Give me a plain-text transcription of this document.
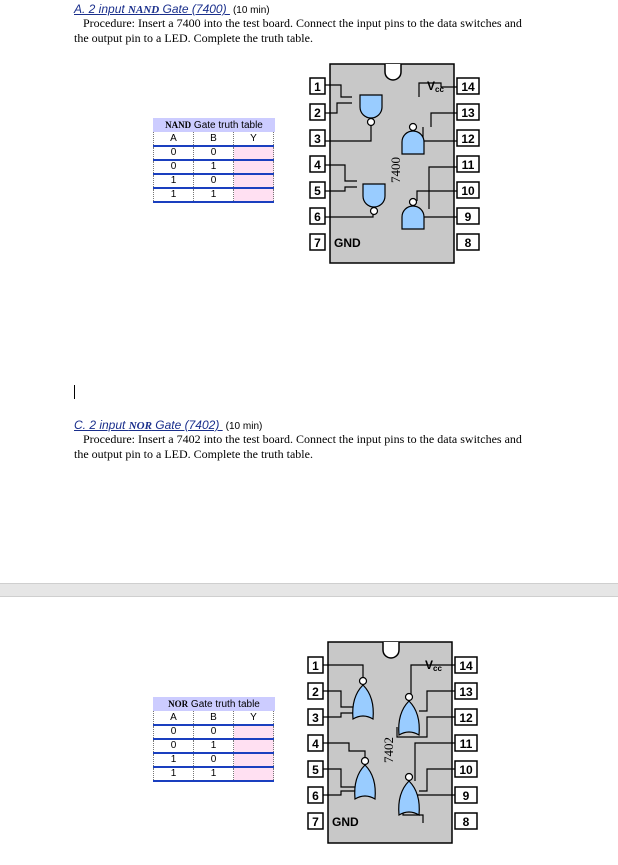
A. 2 input NAND Gate (7400) (10 min)

Procedure: Insert a 7400 into the test board. Connect the input pins to the data switches and

the output pin to a LED. Complete the truth table.

NAND Gate truth table
A	B	Y
0	0	
0	1	
1	0	
1	1	
1
2
3
4
5
6
7
14
13
12
11
10
9
8
Vcc
GND
7400
C. 2 input NOR Gate (7402) (10 min)

Procedure: Insert a 7402 into the test board. Connect the input pins to the data switches and

the output pin to a LED. Complete the truth table.

NOR Gate truth table
A	B	Y
0	0	
0	1	
1	0	
1	1	
1
2
3
4
5
6
7
14
13
12
11
10
9
8
Vcc
GND
7402
